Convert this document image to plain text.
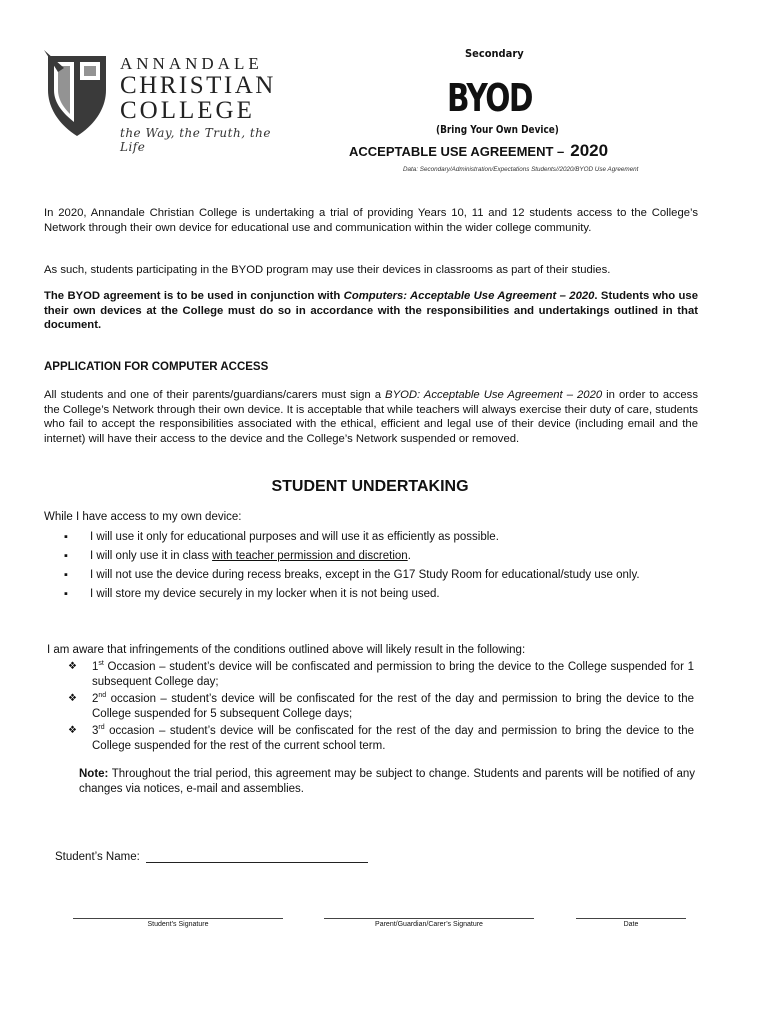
ANNANDALE
CHRISTIAN
COLLEGE
the Way, the Truth, the Life
Secondary
BYOD
(Bring Your Own Device)
ACCEPTABLE USE AGREEMENT – 2020
Data: Secondary/Administration/Expectations Students//2020/BYOD Use Agreement
In 2020, Annandale Christian College is undertaking a trial of providing Years 10, 11 and 12 students access to the College’s Network through their own device for educational use and communication within the wider college community.
As such, students participating in the BYOD program may use their devices in classrooms as part of their studies.
The BYOD agreement is to be used in conjunction with Computers: Acceptable Use Agreement – 2020. Students who use their own devices at the College must do so in accordance with the responsibilities and undertakings outlined in that document.
APPLICATION FOR COMPUTER ACCESS
All students and one of their parents/guardians/carers must sign a BYOD: Acceptable Use Agreement – 2020 in order to access the College’s Network through their own device. It is acceptable that while teachers will always exercise their duty of care, students who fail to accept the responsibilities associated with the ethical, efficient and legal use of their device (including email and the internet) will have their access to the device and the College’s Network suspended or removed.
STUDENT UNDERTAKING
While I have access to my own device:
▪ I will use it only for educational purposes and will use it as efficiently as possible.
▪ I will only use it in class with teacher permission and discretion.
▪ I will not use the device during recess breaks, except in the G17 Study Room for educational/study use only.
▪ I will store my device securely in my locker when it is not being used.
I am aware that infringements of the conditions outlined above will likely result in the following:
❖ 1st Occasion – student’s device will be confiscated and permission to bring the device to the College suspended for 1 subsequent College day;
❖ 2nd occasion – student’s device will be confiscated for the rest of the day and permission to bring the device to the College suspended for 5 subsequent College days;
❖ 3rd occasion – student’s device will be confiscated for the rest of the day and permission to bring the device to the College suspended for the rest of the current school term.
Note: Throughout the trial period, this agreement may be subject to change. Students and parents will be notified of any changes via notices, e-mail and assemblies.
Student’s Name:
Student’s Signature	Parent/Guardian/Carer’s Signature	Date
